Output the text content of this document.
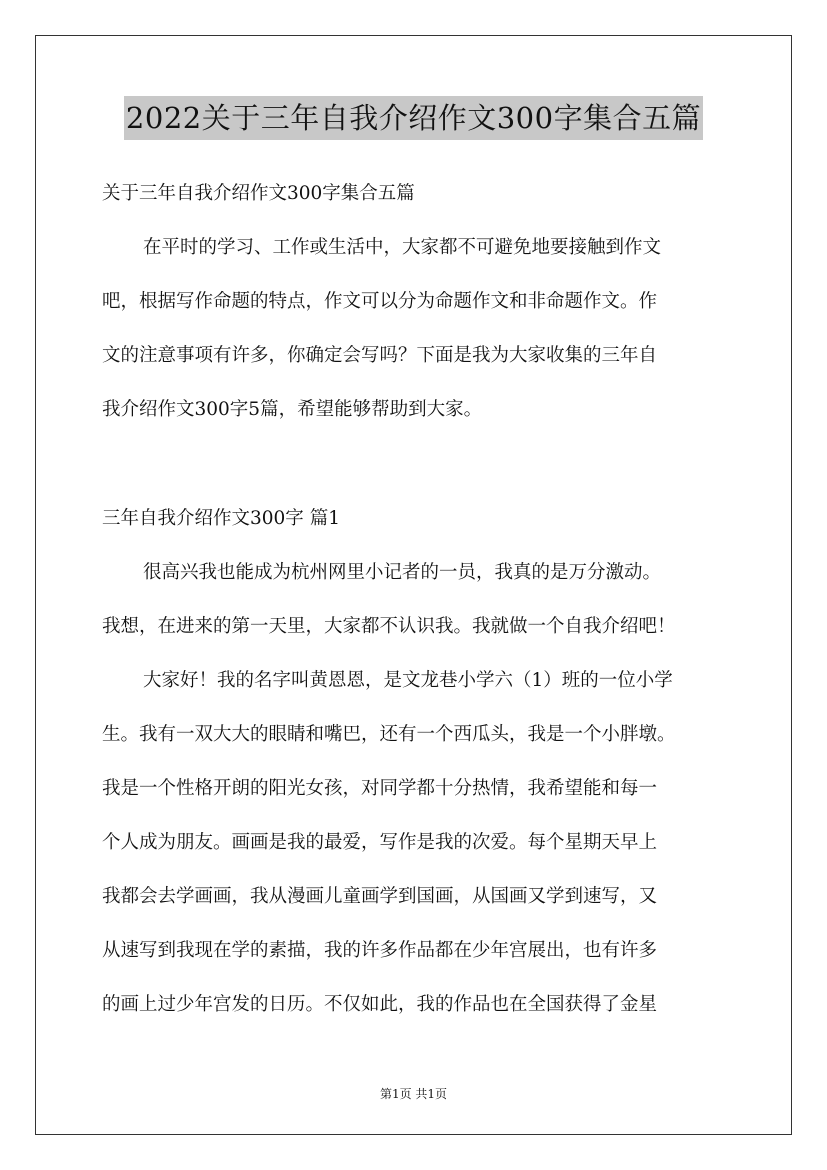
2022关于三年自我介绍作文300字集合五篇
关于三年自我介绍作文300字集合五篇
在平时的学习、工作或生活中，大家都不可避免地要接触到作文
吧，根据写作命题的特点，作文可以分为命题作文和非命题作文。作
文的注意事项有许多，你确定会写吗？下面是我为大家收集的三年自
我介绍作文300字5篇，希望能够帮助到大家。
三年自我介绍作文300字 篇1
很高兴我也能成为杭州网里小记者的一员，我真的是万分激动。
我想，在进来的第一天里，大家都不认识我。我就做一个自我介绍吧！
大家好！我的名字叫黄恩恩，是文龙巷小学六（1）班的一位小学
生。我有一双大大的眼睛和嘴巴，还有一个西瓜头，我是一个小胖墩。
我是一个性格开朗的阳光女孩，对同学都十分热情，我希望能和每一
个人成为朋友。画画是我的最爱，写作是我的次爱。每个星期天早上
我都会去学画画，我从漫画儿童画学到国画，从国画又学到速写，又
从速写到我现在学的素描，我的许多作品都在少年宫展出，也有许多
的画上过少年宫发的日历。不仅如此，我的作品也在全国获得了金星
第1页 共1页
